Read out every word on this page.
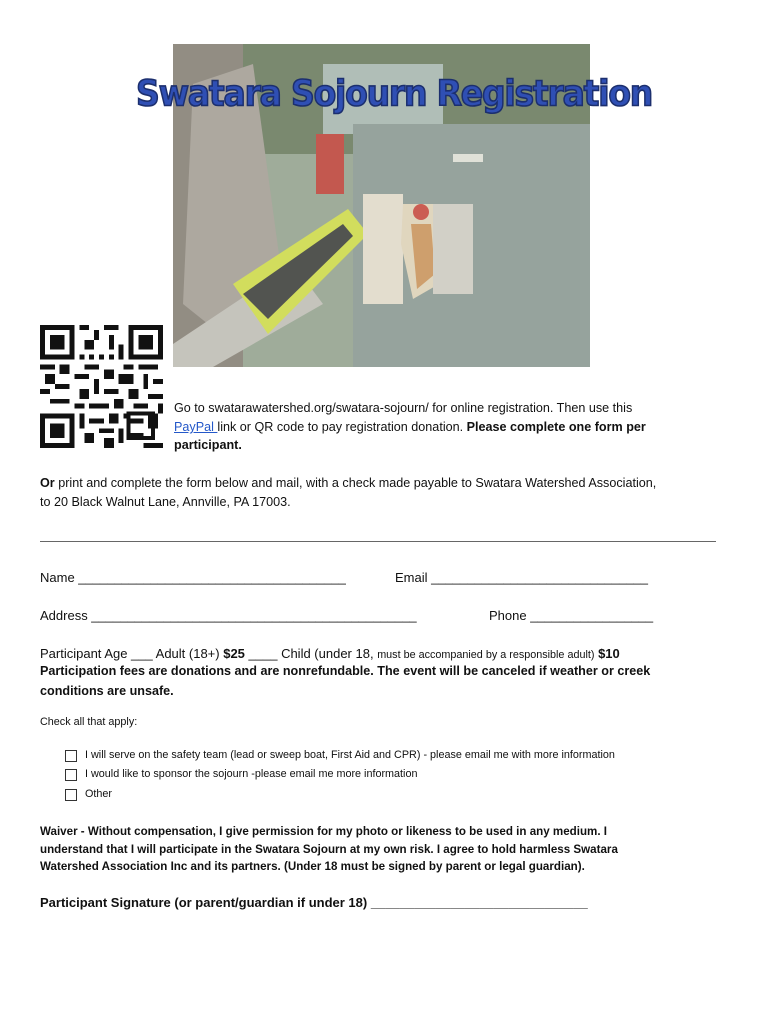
Swatara Sojourn Registration
Go to swatarawatershed.org/swatara-sojourn/ for online registration. Then use this
PayPal link or QR code to pay registration donation. Please complete one form per
participant.
Or print and complete the form below and mail, with a check made payable to Swatara Watershed Association,
to 20 Black Walnut Lane, Annville, PA 17003.
Name _____________________________________	Email ______________________________
Address _____________________________________________	Phone _________________
Participant Age ___ Adult (18+) $25 ____ Child (under 18, must be accompanied by a responsible adult) $10
Participation fees are donations and are nonrefundable. The event will be canceled if weather or creek
conditions are unsafe.
Check all that apply:
I will serve on the safety team (lead or sweep boat, First Aid and CPR) - please email me with more information
I would like to sponsor the sojourn -please email me more information
Other
Waiver - Without compensation, I give permission for my photo or likeness to be used in any medium. I
understand that I will participate in the Swatara Sojourn at my own risk. I agree to hold harmless Swatara
Watershed Association Inc and its partners. (Under 18 must be signed by parent or legal guardian).
Participant Signature (or parent/guardian if under 18) ______________________________
